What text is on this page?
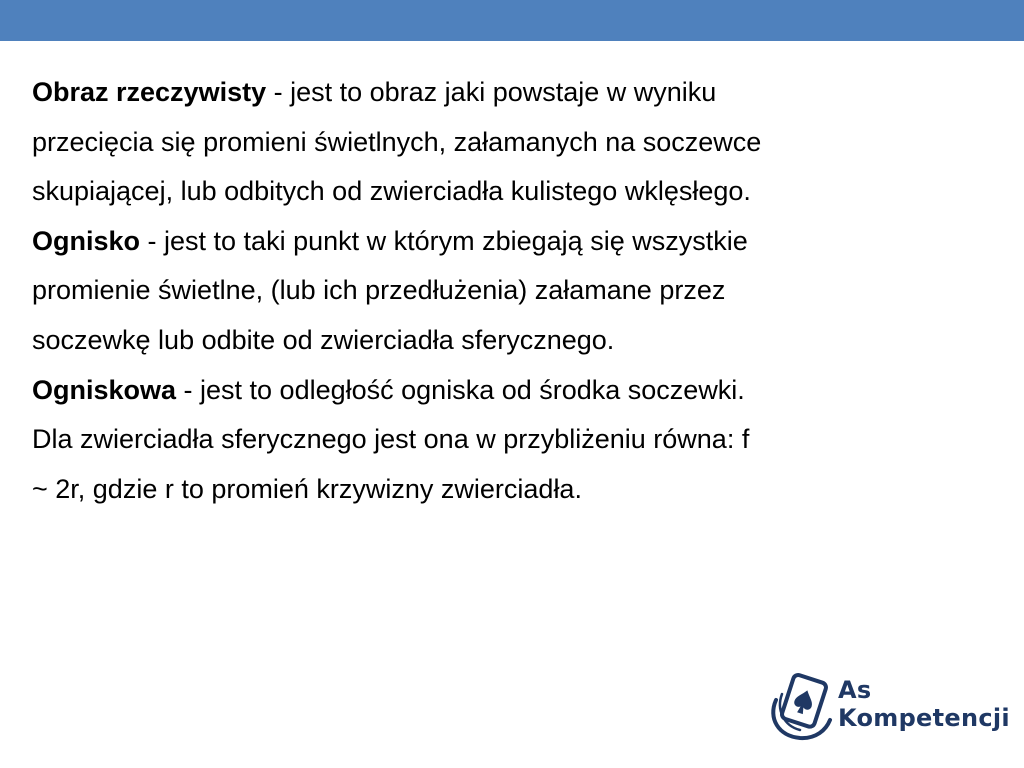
Obraz rzeczywisty - jest to obraz jaki powstaje w wyniku
przecięcia się promieni świetlnych, załamanych na soczewce
skupiającej, lub odbitych od zwierciadła kulistego wklęsłego.
Ognisko - jest to taki punkt w którym zbiegają się wszystkie
promienie świetlne, (lub ich przedłużenia) załamane przez
soczewkę lub odbite od zwierciadła sferycznego.
Ogniskowa - jest to odległość ogniska od środka soczewki.
Dla zwierciadła sferycznego jest ona w przybliżeniu równa: f
~ 2r, gdzie r to promień krzywizny zwierciadła.
As
Kompetencji
